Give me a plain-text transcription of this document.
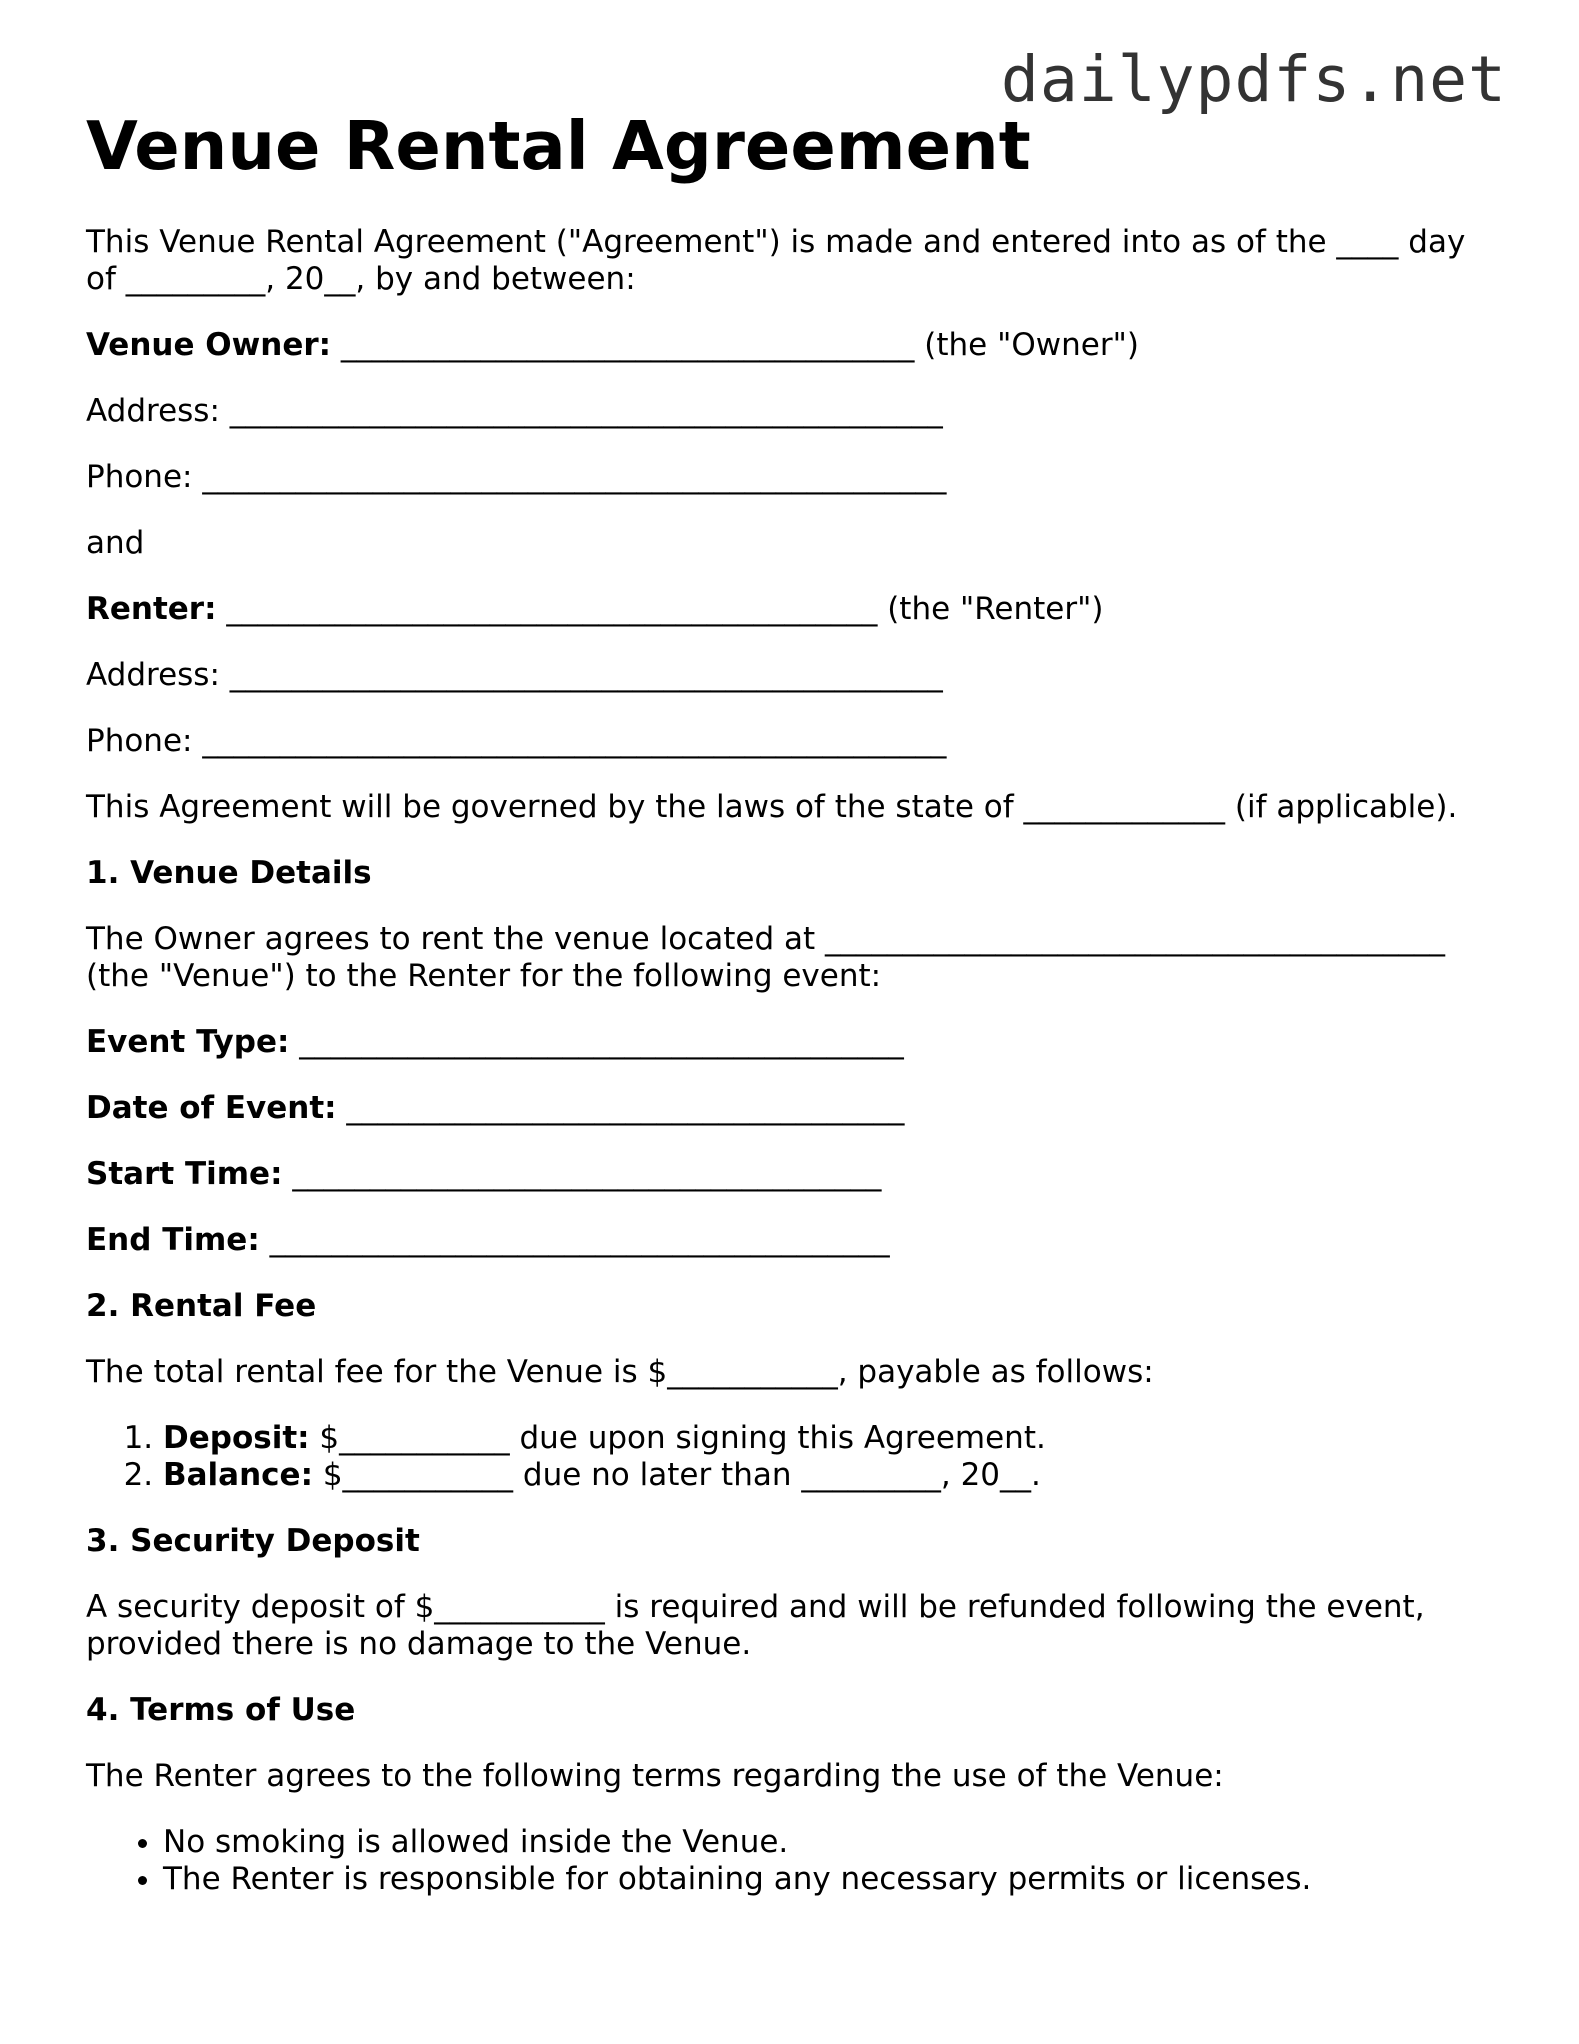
dailypdfs.net
Venue Rental Agreement

This Venue Rental Agreement ("Agreement") is made and entered into as of the ____ day of _________, 20__, by and between:

Venue Owner: _____________________________________ (the "Owner")

Address: ______________________________________________

Phone: ________________________________________________

and

Renter: __________________________________________ (the "Renter")

Address: ______________________________________________

Phone: ________________________________________________

This Agreement will be governed by the laws of the state of _____________ (if applicable).

1. Venue Details

The Owner agrees to rent the venue located at ________________________________________ (the "Venue") to the Renter for the following event:

Event Type: _______________________________________

Date of Event: ____________________________________

Start Time: ______________________________________

End Time: ________________________________________

2. Rental Fee

The total rental fee for the Venue is $___________, payable as follows:

1. Deposit: $___________ due upon signing this Agreement.
2. Balance: $___________ due no later than _________, 20__.

3. Security Deposit

A security deposit of $___________ is required and will be refunded following the event, provided there is no damage to the Venue.

4. Terms of Use

The Renter agrees to the following terms regarding the use of the Venue:

• No smoking is allowed inside the Venue.
• The Renter is responsible for obtaining any necessary permits or licenses.
